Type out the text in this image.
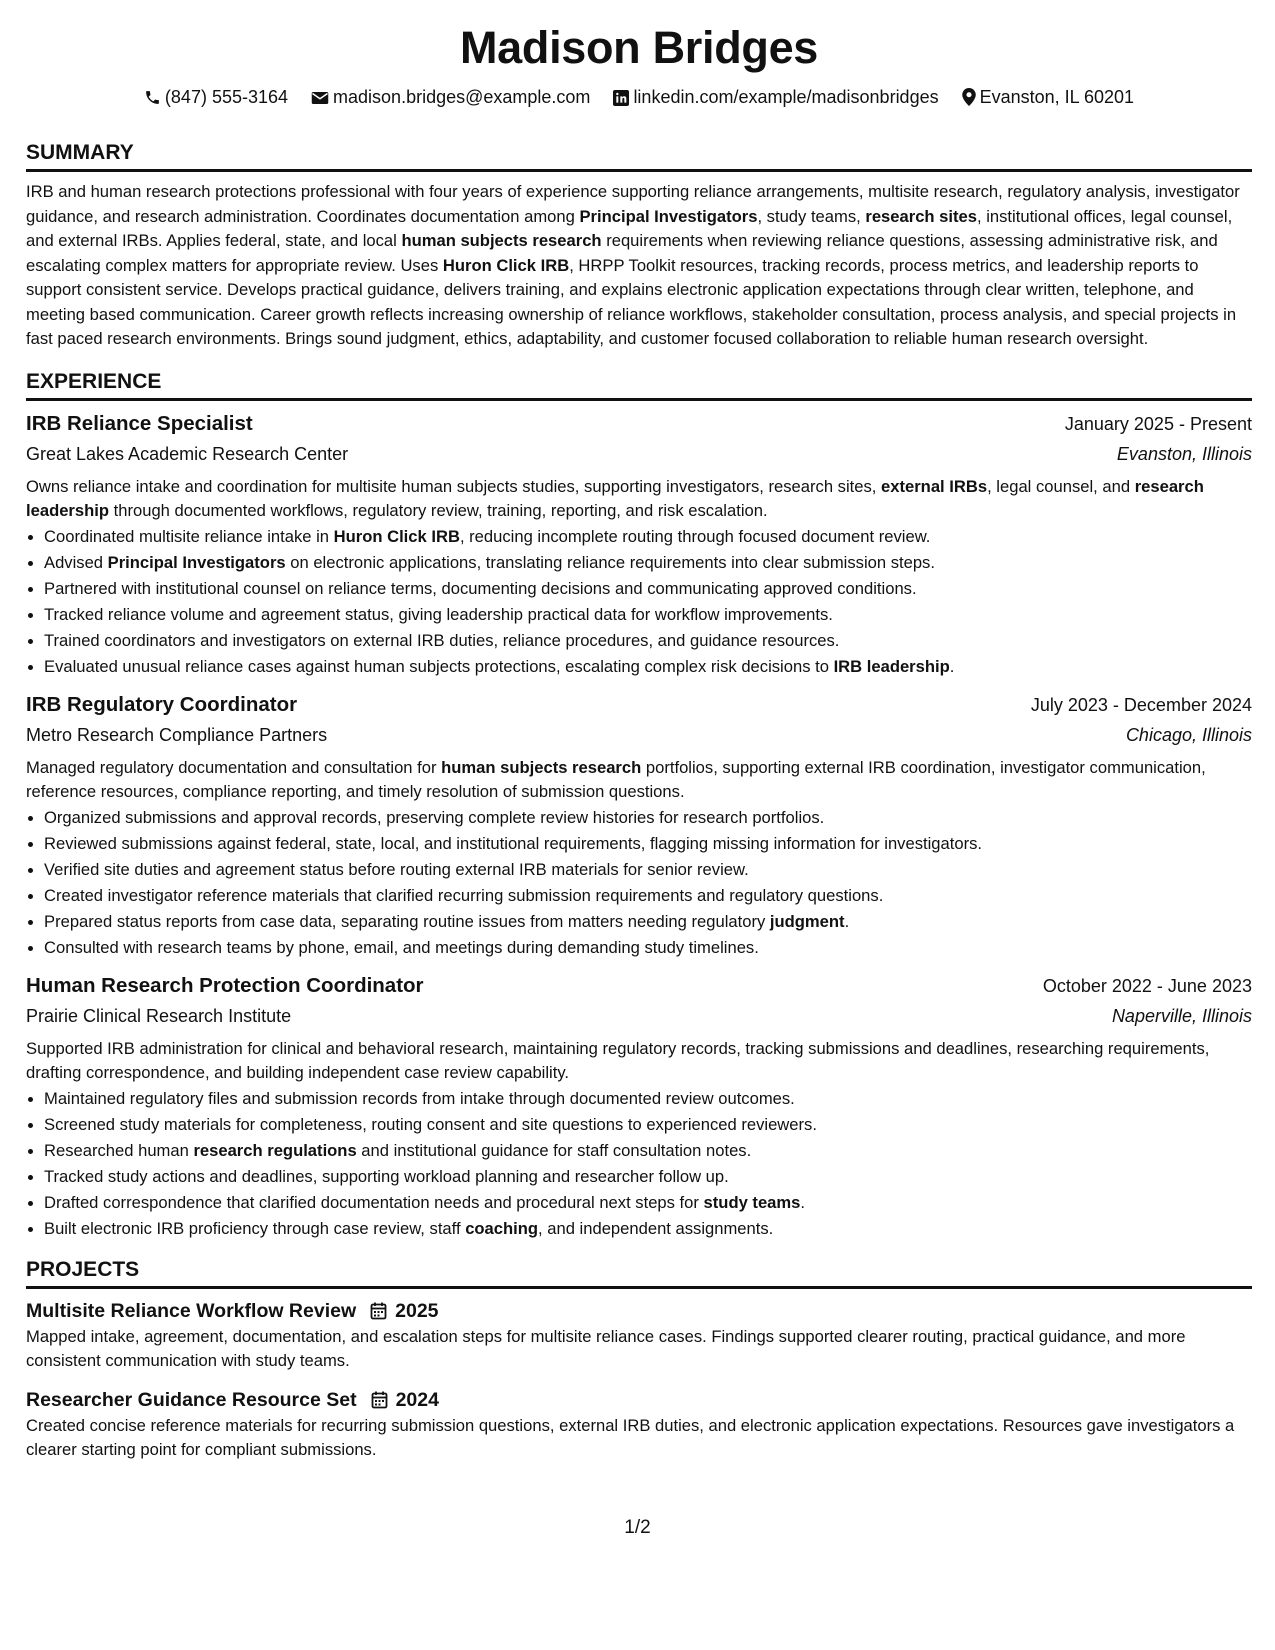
Madison Bridges
(847) 555-3164	madison.bridges@example.com linkedin.com/example/madisonbridges Evanston, IL 60201
SUMMARY

IRB and human research protections professional with four years of experience supporting reliance arrangements, multisite research, regulatory analysis, investigator guidance, and research administration. Coordinates documentation among Principal Investigators, study teams, research sites, institutional offices, legal counsel, and external IRBs. Applies federal, state, and local human subjects research requirements when reviewing reliance questions, assessing administrative risk, and escalating complex matters for appropriate review. Uses Huron Click IRB, HRPP Toolkit resources, tracking records, process metrics, and leadership reports to support consistent service. Develops practical guidance, delivers training, and explains electronic application expectations through clear written, telephone, and meeting based communication. Career growth reflects increasing ownership of reliance workflows, stakeholder consultation, process analysis, and special projects in fast paced research environments. Brings sound judgment, ethics, adaptability, and customer focused collaboration to reliable human research oversight.

EXPERIENCE
IRB Reliance Specialist	January 2025 - Present
Great Lakes Academic Research Center	Evanston, Illinois

Owns reliance intake and coordination for multisite human subjects studies, supporting investigators, research sites, external IRBs, legal counsel, and research leadership through documented workflows, regulatory review, training, reporting, and risk escalation.

Coordinated multisite reliance intake in Huron Click IRB, reducing incomplete routing through focused document review.
Advised Principal Investigators on electronic applications, translating reliance requirements into clear submission steps.
Partnered with institutional counsel on reliance terms, documenting decisions and communicating approved conditions.
Tracked reliance volume and agreement status, giving leadership practical data for workflow improvements.
Trained coordinators and investigators on external IRB duties, reliance procedures, and guidance resources.
Evaluated unusual reliance cases against human subjects protections, escalating complex risk decisions to IRB leadership.
IRB Regulatory Coordinator	July 2023 - December 2024
Metro Research Compliance Partners	Chicago, Illinois

Managed regulatory documentation and consultation for human subjects research portfolios, supporting external IRB coordination, investigator communication, reference resources, compliance reporting, and timely resolution of submission questions.

Organized submissions and approval records, preserving complete review histories for research portfolios.
Reviewed submissions against federal, state, local, and institutional requirements, flagging missing information for investigators.
Verified site duties and agreement status before routing external IRB materials for senior review.
Created investigator reference materials that clarified recurring submission requirements and regulatory questions.
Prepared status reports from case data, separating routine issues from matters needing regulatory judgment.
Consulted with research teams by phone, email, and meetings during demanding study timelines.
Human Research Protection Coordinator	October 2022 - June 2023
Prairie Clinical Research Institute	Naperville, Illinois

Supported IRB administration for clinical and behavioral research, maintaining regulatory records, tracking submissions and deadlines, researching requirements, drafting correspondence, and building independent case review capability.

Maintained regulatory files and submission records from intake through documented review outcomes.
Screened study materials for completeness, routing consent and site questions to experienced reviewers.
Researched human research regulations and institutional guidance for staff consultation notes.
Tracked study actions and deadlines, supporting workload planning and researcher follow up.
Drafted correspondence that clarified documentation needs and procedural next steps for study teams.
Built electronic IRB proficiency through case review, staff coaching, and independent assignments.
PROJECTS
Multisite Reliance Workflow Review 2025

Mapped intake, agreement, documentation, and escalation steps for multisite reliance cases. Findings supported clearer routing, practical guidance, and more consistent communication with study teams.

Researcher Guidance Resource Set 2024

Created concise reference materials for recurring submission questions, external IRB duties, and electronic application expectations. Resources gave investigators a clearer starting point for compliant submissions.

1/2
